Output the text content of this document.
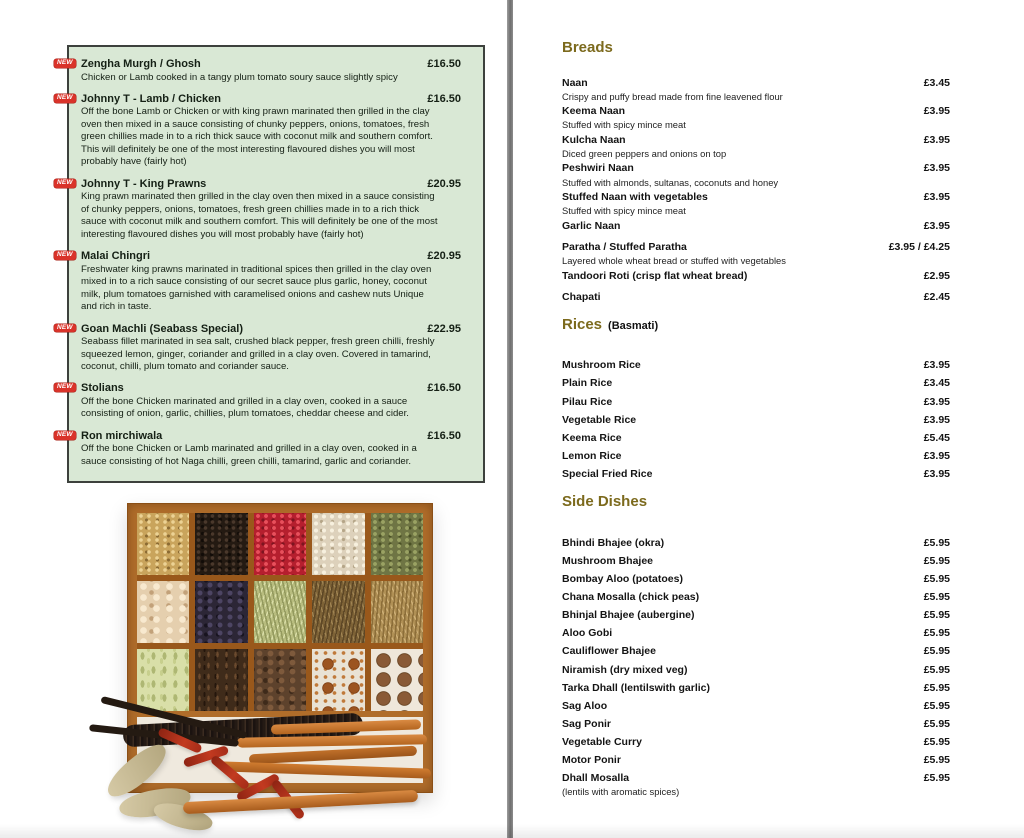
NEW Zengha Murgh / Ghosh	£16.50
Chicken or Lamb cooked in a tangy plum tomato soury sauce slightly spicy
NEW Johnny T - Lamb / Chicken	£16.50
Off the bone Lamb or Chicken or with king prawn marinated then grilled in the clay oven then mixed in a sauce consisting of chunky peppers, onions, tomatoes, fresh green chillies made in to a rich thick sauce with coconut milk and southern comfort. This will definitely be one of the most interesting flavoured dishes you will most probably have (fairly hot)
NEW Johnny T - King Prawns	£20.95
King prawn marinated then grilled in the clay oven then mixed in a sauce consisting of chunky peppers, onions, tomatoes, fresh green chillies made in to a rich thick sauce with coconut milk and southern comfort. This will definitely be one of the most interesting flavoured dishes you will most probably have (fairly hot)
NEW Malai Chingri	£20.95
Freshwater king prawns marinated in traditional spices then grilled in the clay oven mixed in to a rich sauce consisting of our secret sauce plus garlic, honey, coconut milk, plum tomatoes garnished with caramelised onions and cashew nuts Unique and rich in taste.
NEW Goan Machli (Seabass Special)	£22.95
Seabass fillet marinated in sea salt, crushed black pepper, fresh green chilli, freshly squeezed lemon, ginger, coriander and grilled in a clay oven. Covered in tamarind, coconut, chilli, plum tomato and coriander sauce.
NEW Stolians	£16.50
Off the bone Chicken marinated and grilled in a clay oven, cooked in a sauce consisting of onion, garlic, chillies, plum tomatoes, cheddar cheese and cider.
NEW Ron mirchiwala	£16.50
Off the bone Chicken or Lamb marinated and grilled in a clay oven, cooked in a sauce consisting of hot Naga chilli, green chilli, tamarind, garlic and coriander.
Breads
Naan	£3.45
Crispy and puffy bread made from fine leavened flour
Keema Naan	£3.95
Stuffed with spicy mince meat
Kulcha Naan	£3.95
Diced green peppers and onions on top
Peshwiri Naan	£3.95
Stuffed with almonds, sultanas, coconuts and honey
Stuffed Naan with vegetables	£3.95
Stuffed with spicy mince meat
Garlic Naan	£3.95
Paratha / Stuffed Paratha	£3.95 / £4.25
Layered whole wheat bread or stuffed with vegetables
Tandoori Roti (crisp flat wheat bread)	£2.95
Chapati	£2.45
Rices (Basmati)
Mushroom Rice	£3.95
Plain Rice	£3.45
Pilau Rice	£3.95
Vegetable Rice	£3.95
Keema Rice	£5.45
Lemon Rice	£3.95
Special Fried Rice	£3.95
Side Dishes
Bhindi Bhajee (okra)	£5.95
Mushroom Bhajee	£5.95
Bombay Aloo (potatoes)	£5.95
Chana Mosalla (chick peas)	£5.95
Bhinjal Bhajee (aubergine)	£5.95
Aloo Gobi	£5.95
Cauliflower Bhajee	£5.95
Niramish (dry mixed veg)	£5.95
Tarka Dhall (lentilswith garlic)	£5.95
Sag Aloo	£5.95
Sag Ponir	£5.95
Vegetable Curry	£5.95
Motor Ponir	£5.95
Dhall Mosalla	£5.95
(lentils with aromatic spices)
